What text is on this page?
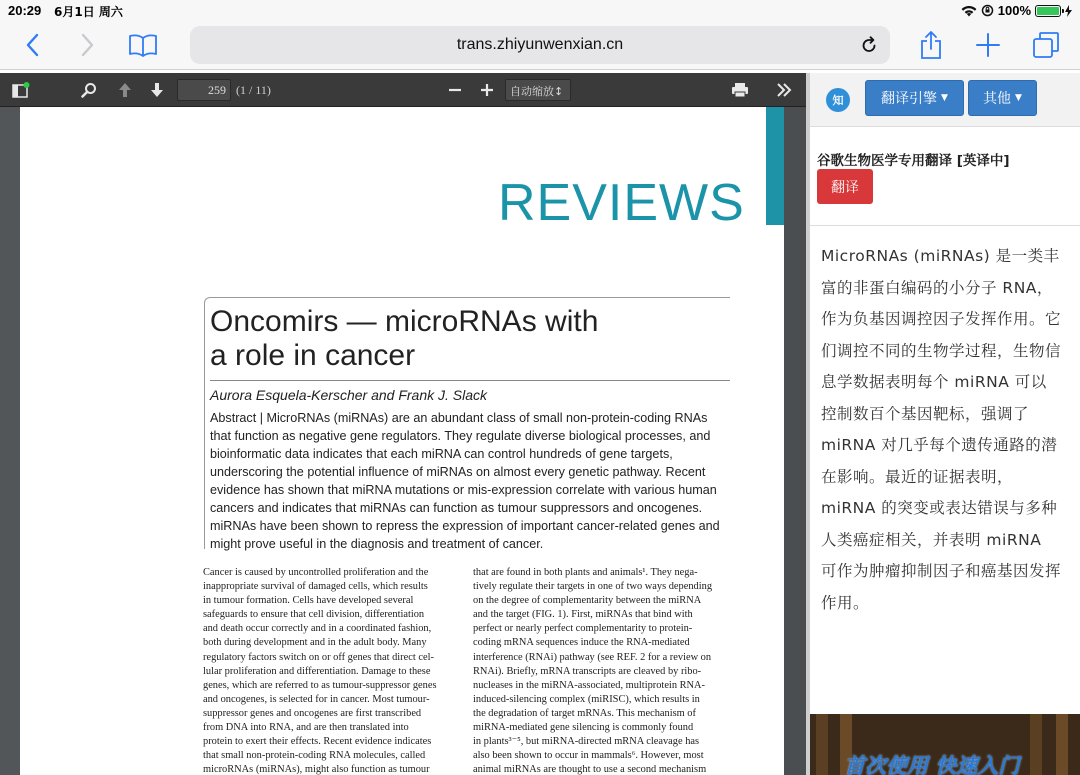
20:29 6月1日 周六	100%
trans.zhiyunwenxian.cn
259 (1 / 11)	自动缩放↕
REVIEWS
Oncomirs — microRNAs with
a role in cancer
Aurora Esquela-Kerscher and Frank J. Slack
Abstract | MicroRNAs (miRNAs) are an abundant class of small non-protein-coding RNAs
that function as negative gene regulators. They regulate diverse biological processes, and
bioinformatic data indicates that each miRNA can control hundreds of gene targets,
underscoring the potential influence of miRNAs on almost every genetic pathway. Recent
evidence has shown that miRNA mutations or mis-expression correlate with various human
cancers and indicates that miRNAs can function as tumour suppressors and oncogenes.
miRNAs have been shown to repress the expression of important cancer-related genes and
might prove useful in the diagnosis and treatment of cancer.
Cancer is caused by uncontrolled proliferation and the
inappropriate survival of damaged cells, which results
in tumour formation. Cells have developed several
safeguards to ensure that cell division, differentiation
and death occur correctly and in a coordinated fashion,
both during development and in the adult body. Many
regulatory factors switch on or off genes that direct cel-
lular proliferation and differentiation. Damage to these
genes, which are referred to as tumour-suppressor genes
and oncogenes, is selected for in cancer. Most tumour-
suppressor genes and oncogenes are first transcribed
from DNA into RNA, and are then translated into
protein to exert their effects. Recent evidence indicates
that small non-protein-coding RNA molecules, called
microRNAs (miRNAs), might also function as tumour
that are found in both plants and animals¹. They nega-
tively regulate their targets in one of two ways depending
on the degree of complementarity between the miRNA
and the target (FIG. 1). First, miRNAs that bind with
perfect or nearly perfect complementarity to protein-
coding mRNA sequences induce the RNA-mediated
interference (RNAi) pathway (see REF. 2 for a review on
RNAi). Briefly, mRNA transcripts are cleaved by ribo-
nucleases in the miRNA-associated, multiprotein RNA-
induced-silencing complex (miRISC), which results in
the degradation of target mRNAs. This mechanism of
miRNA-mediated gene silencing is commonly found
in plants³⁻⁵, but miRNA-directed mRNA cleavage has
also been shown to occur in mammals⁶. However, most
animal miRNAs are thought to use a second mechanism
知	翻译引擎 ▼	其他 ▼
谷歌生物医学专用翻译 [英译中]
翻译
MicroRNAs (miRNAs) 是一类丰
富的非蛋白编码的小分子 RNA，
作为负基因调控因子发挥作用。它
们调控不同的生物学过程，生物信
息学数据表明每个 miRNA 可以
控制数百个基因靶标，强调了
miRNA 对几乎每个遗传通路的潜
在影响。最近的证据表明，
miRNA 的突变或表达错误与多种
人类癌症相关，并表明 miRNA
可作为肿瘤抑制因子和癌基因发挥
作用。
首次使用 快速入门
